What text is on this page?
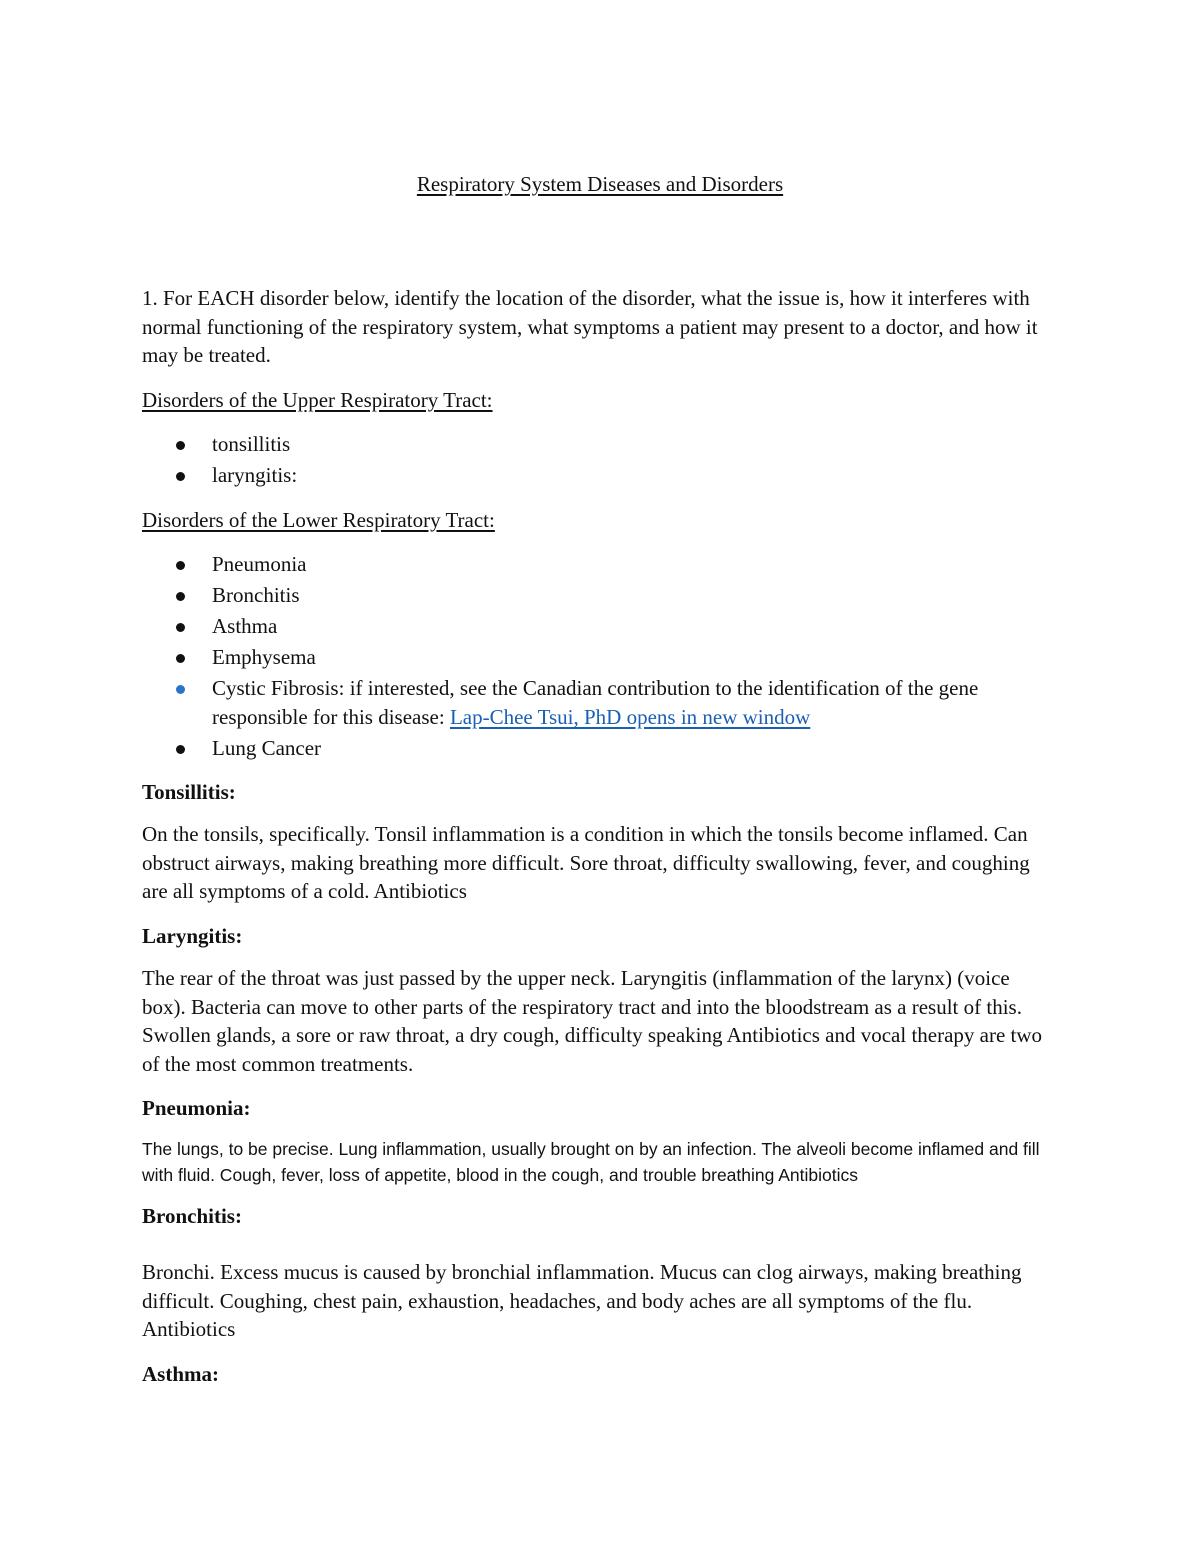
Respiratory System Diseases and Disorders
1. For EACH disorder below, identify the location of the disorder, what the issue is, how it interferes with normal functioning of the respiratory system, what symptoms a patient may present to a doctor, and how it may be treated.
Disorders of the Upper Respiratory Tract:
tonsillitis
laryngitis:
Disorders of the Lower Respiratory Tract:
Pneumonia
Bronchitis
Asthma
Emphysema
Cystic Fibrosis: if interested, see the Canadian contribution to the identification of the gene responsible for this disease: Lap-Chee Tsui, PhD opens in new window
Lung Cancer
Tonsillitis:
On the tonsils, specifically. Tonsil inflammation is a condition in which the tonsils become inflamed. Can obstruct airways, making breathing more difficult. Sore throat, difficulty swallowing, fever, and coughing are all symptoms of a cold. Antibiotics
Laryngitis:
The rear of the throat was just passed by the upper neck. Laryngitis (inflammation of the larynx) (voice box). Bacteria can move to other parts of the respiratory tract and into the bloodstream as a result of this. Swollen glands, a sore or raw throat, a dry cough, difficulty speaking Antibiotics and vocal therapy are two of the most common treatments.
Pneumonia:
The lungs, to be precise. Lung inflammation, usually brought on by an infection. The alveoli become inflamed and fill with fluid. Cough, fever, loss of appetite, blood in the cough, and trouble breathing Antibiotics
Bronchitis:
Bronchi. Excess mucus is caused by bronchial inflammation. Mucus can clog airways, making breathing difficult. Coughing, chest pain, exhaustion, headaches, and body aches are all symptoms of the flu. Antibiotics
Asthma:
